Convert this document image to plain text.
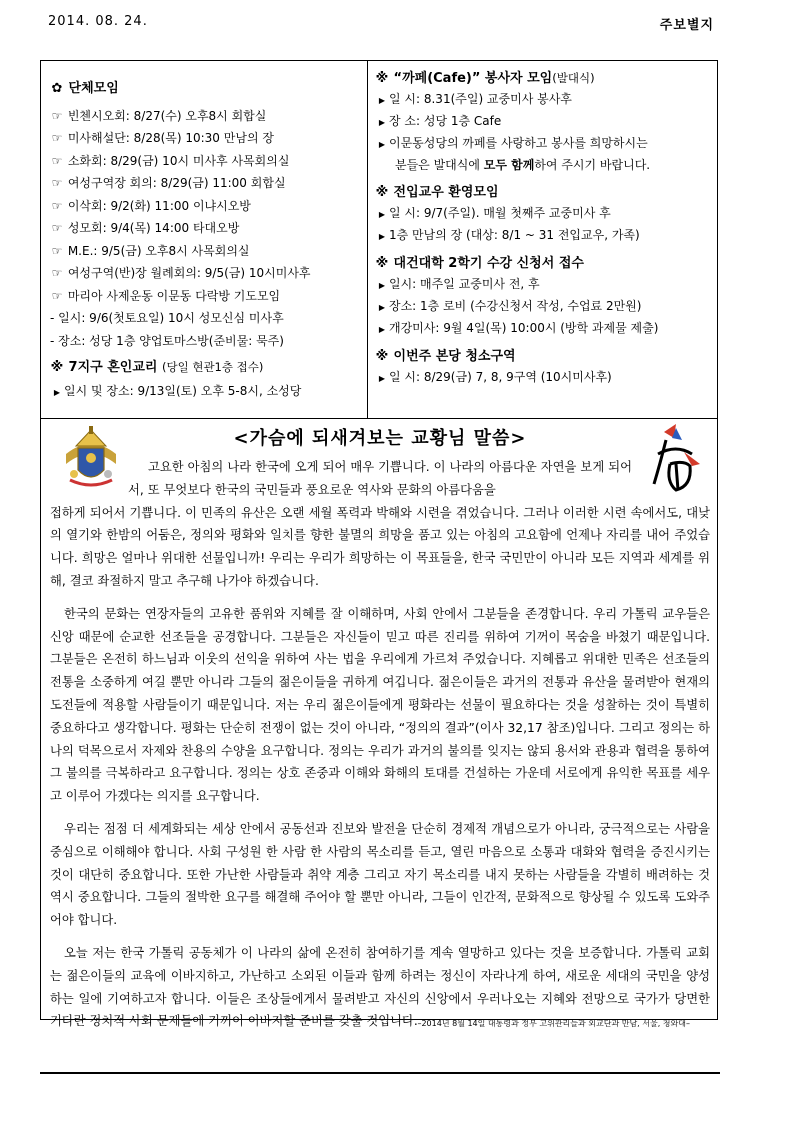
2014. 08. 24.	주보별지
✿ 단체모임
☞ 빈첸시오회: 8/27(수) 오후8시 회합실
☞ 미사해설단: 8/28(목) 10:30 만남의 장
☞ 소화회: 8/29(금) 10시 미사후 사목회의실
☞ 여성구역장 회의: 8/29(금) 11:00 회합실
☞ 이삭회: 9/2(화) 11:00 이냐시오방
☞ 성모회: 9/4(목) 14:00 타대오방
☞ M.E.: 9/5(금) 오후8시 사목회의실
☞ 여성구역(반)장 월례회의: 9/5(금) 10시미사후
☞ 마리아 사제운동 이문동 다락방 기도모임
- 일시: 9/6(첫토요일) 10시 성모신심 미사후
- 장소: 성당 1층 양업토마스방(준비물: 묵주)
※ 7지구 혼인교리 (당일 현관1층 접수)
▶ 일시 및 장소: 9/13일(토) 오후 5-8시, 소성당
※ “까페(Cafe)” 봉사자 모임(발대식)
▶ 일 시: 8.31(주일) 교중미사 봉사후
▶ 장 소: 성당 1층 Cafe
▶ 이문동성당의 까페를 사랑하고 봉사를 희망하시는
분들은 발대식에 모두 함께하여 주시기 바랍니다.
※ 전입교우 환영모임
▶ 일 시: 9/7(주일). 매월 첫째주 교중미사 후
▶ 1층 만남의 장 (대상: 8/1 ~ 31 전입교우, 가족)
※ 대건대학 2학기 수강 신청서 접수
▶ 일시: 매주일 교중미사 전, 후
▶ 장소: 1층 로비 (수강신청서 작성, 수업료 2만원)
▶ 개강미사: 9월 4일(목) 10:00시 (방학 과제물 제출)
※ 이번주 본당 청소구역
▶ 일 시: 8/29(금) 7, 8, 9구역 (10시미사후)
<가슴에 되새겨보는 교황님 말씀>

고요한 아침의 나라 한국에 오게 되어 매우 기쁩니다. 이 나라의 아름다운 자연을 보게 되어서, 또 무엇보다 한국의 국민들과 풍요로운 역사와 문화의 아름다움을

접하게 되어서 기쁩니다. 이 민족의 유산은 오랜 세월 폭력과 박해와 시련을 겪었습니다. 그러나 이러한 시련 속에서도, 대낮의 열기와 한밤의 어둠은, 정의와 평화와 일치를 향한 불멸의 희망을 품고 있는 아침의 고요함에 언제나 자리를 내어 주었습니다. 희망은 얼마나 위대한 선물입니까! 우리는 우리가 희망하는 이 목표들을, 한국 국민만이 아니라 모든 지역과 세계를 위해, 결코 좌절하지 말고 추구해 나가야 하겠습니다.

한국의 문화는 연장자들의 고유한 품위와 지혜를 잘 이해하며, 사회 안에서 그분들을 존경합니다. 우리 가톨릭 교우들은 신앙 때문에 순교한 선조들을 공경합니다. 그분들은 자신들이 믿고 따른 진리를 위하여 기꺼이 목숨을 바쳤기 때문입니다. 그분들은 온전히 하느님과 이웃의 선익을 위하여 사는 법을 우리에게 가르쳐 주었습니다. 지혜롭고 위대한 민족은 선조들의 전통을 소중하게 여길 뿐만 아니라 그들의 젊은이들을 귀하게 여깁니다. 젊은이들은 과거의 전통과 유산을 물려받아 현재의 도전들에 적용할 사람들이기 때문입니다. 저는 우리 젊은이들에게 평화라는 선물이 필요하다는 것을 성찰하는 것이 특별히 중요하다고 생각합니다. 평화는 단순히 전쟁이 없는 것이 아니라, “정의의 결과”(이사 32,17 참조)입니다. 그리고 정의는 하나의 덕목으로서 자제와 찬용의 수양을 요구합니다. 정의는 우리가 과거의 불의를 잊지는 않되 용서와 관용과 협력을 통하여 그 불의를 극복하라고 요구합니다. 정의는 상호 존중과 이해와 화해의 토대를 건설하는 가운데 서로에게 유익한 목표를 세우고 이루어 가겠다는 의지를 요구합니다.

우리는 점점 더 세계화되는 세상 안에서 공동선과 진보와 발전을 단순히 경제적 개념으로가 아니라, 궁극적으로는 사람을 중심으로 이해해야 합니다. 사회 구성원 한 사람 한 사람의 목소리를 듣고, 열린 마음으로 소통과 대화와 협력을 증진시키는 것이 대단히 중요합니다. 또한 가난한 사람들과 취약 계층 그리고 자기 목소리를 내지 못하는 사람들을 각별히 배려하는 것 역시 중요합니다. 그들의 절박한 요구를 해결해 주어야 할 뿐만 아니라, 그들이 인간적, 문화적으로 향상될 수 있도록 도와주어야 합니다.

오늘 저는 한국 가톨릭 공동체가 이 나라의 삶에 온전히 참여하기를 계속 열망하고 있다는 것을 보증합니다. 가톨릭 교회는 젊은이들의 교육에 이바지하고, 가난하고 소외된 이들과 함께 하려는 정신이 자라나게 하여, 새로운 세대의 국민을 양성하는 일에 기여하고자 합니다. 이들은 조상들에게서 물려받고 자신의 신앙에서 우러나오는 지혜와 전망으로 국가가 당면한 커다란 정치적 사회 문제들에 기꺼이 이바지할 준비를 갖출 것입니다. –2014년 8월 14일 대통령과 정부 고위관리들과 외교단과 만남, 서울, 청와대–
